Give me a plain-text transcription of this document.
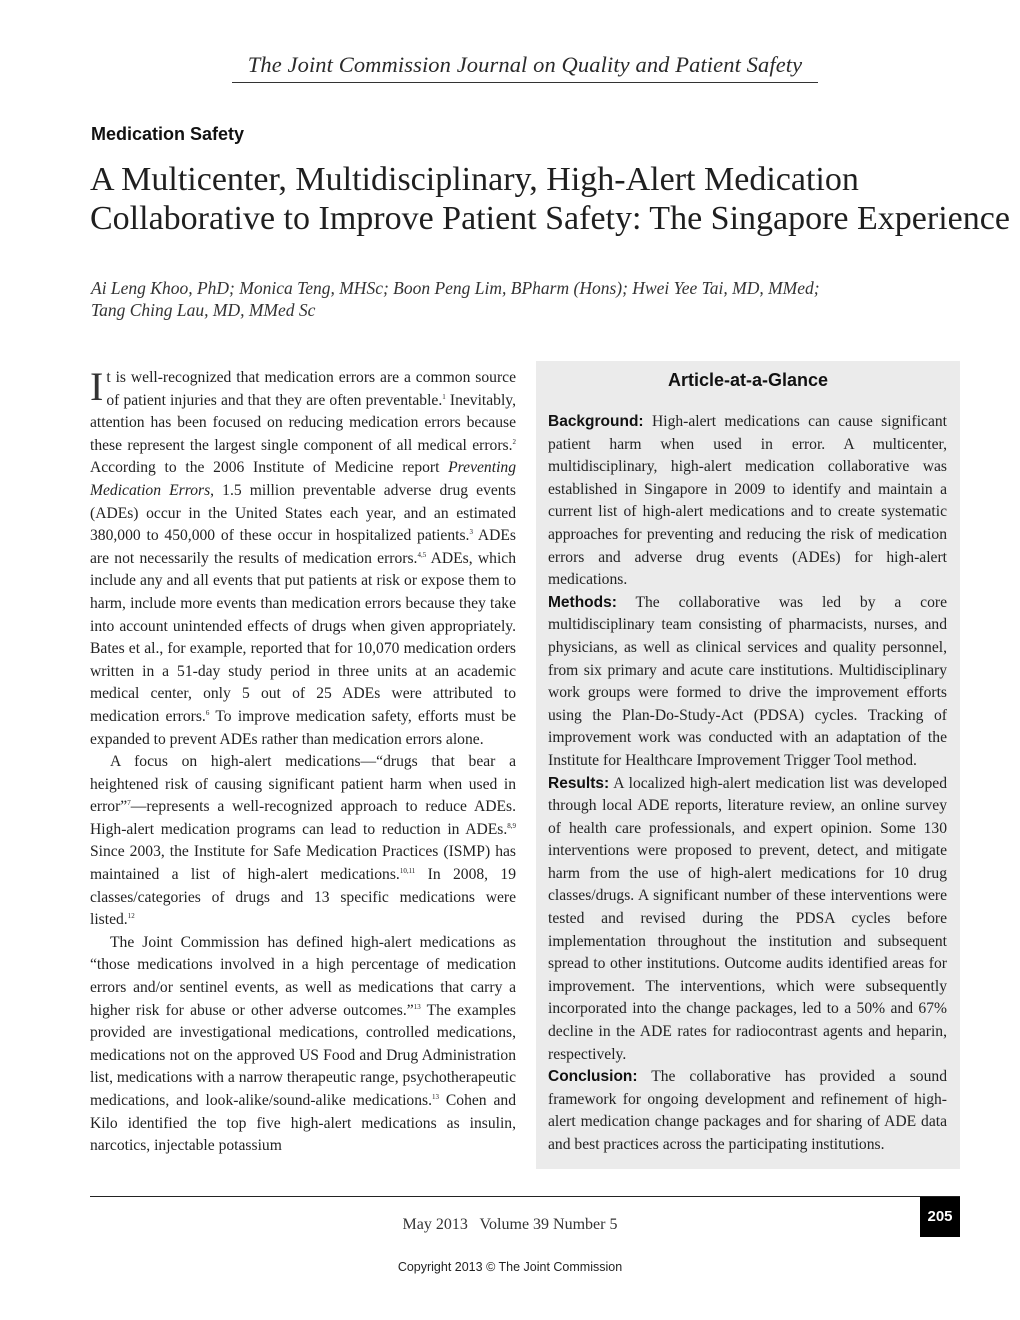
The Joint Commission Journal on Quality and Patient Safety
Medication Safety
A Multicenter, Multidisciplinary, High-Alert Medication
Collaborative to Improve Patient Safety: The Singapore Experience
Ai Leng Khoo, PhD; Monica Teng, MHSc; Boon Peng Lim, BPharm (Hons); Hwei Yee Tai, MD, MMed;
Tang Ching Lau, MD, MMed Sc

It is well-recognized that medication errors are a common source of patient injuries and that they are often preventable.$^1$ Inevitably, attention has been focused on reducing medication errors because these represent the largest single component of all medical errors.$^2$ According to the 2006 Institute of Medicine report Preventing Medication Errors, 1.5 million preventable adverse drug events (ADEs) occur in the United States each year, and an estimated 380,000 to 450,000 of these occur in hospitalized patients.$^3$ ADEs are not necessarily the results of medication errors.$^{4,5}$ ADEs, which include any and all events that put patients at risk or expose them to harm, include more events than medication errors because they take into account unintended effects of drugs when given appropriately. Bates et al., for example, reported that for 10,070 medication orders written in a 51-day study period in three units at an academic medical center, only 5 out of 25 ADEs were attributed to medication errors.$^6$ To improve medication safety, efforts must be expanded to prevent ADEs rather than medication errors alone.

A focus on high-alert medications—“drugs that bear a heightened risk of causing significant patient harm when used in error”$^7$—represents a well-recognized approach to reduce ADEs. High-alert medication programs can lead to reduction in ADEs.$^{8,9}$ Since 2003, the Institute for Safe Medication Practices (ISMP) has maintained a list of high-alert medications.$^{10,11}$ In 2008, 19 classes/categories of drugs and 13 specific medications were listed.$^{12}$

The Joint Commission has defined high-alert medications as “those medications involved in a high percentage of medication errors and/or sentinel events, as well as medications that carry a higher risk for abuse or other adverse outcomes.”$^{13}$ The examples provided are investigational medications, controlled medications, medications not on the approved US Food and Drug Administration list, medications with a narrow therapeutic range, psychotherapeutic medications, and look-alike/sound-alike medications.$^{13}$ Cohen and Kilo identified the top five high-alert medications as insulin, narcotics, injectable potassium

Article-at-a-Glance

Background: High-alert medications can cause significant patient harm when used in error. A multicenter, multidisciplinary, high-alert medication collaborative was established in Singapore in 2009 to identify and maintain a current list of high-alert medications and to create systematic approaches for preventing and reducing the risk of medication errors and adverse drug events (ADEs) for high-alert medications.

Methods: The collaborative was led by a core multidisciplinary team consisting of pharmacists, nurses, and physicians, as well as clinical services and quality personnel, from six primary and acute care institutions. Multidisciplinary work groups were formed to drive the improvement efforts using the Plan-Do-Study-Act (PDSA) cycles. Tracking of improvement work was conducted with an adaptation of the Institute for Healthcare Improvement Trigger Tool method.

Results: A localized high-alert medication list was developed through local ADE reports, literature review, an online survey of health care professionals, and expert opinion. Some 130 interventions were proposed to prevent, detect, and mitigate harm from the use of high-alert medications for 10 drug classes/drugs. A significant number of these interventions were tested and revised during the PDSA cycles before implementation throughout the institution and subsequent spread to other institutions. Outcome audits identified areas for improvement. The interventions, which were subsequently incorporated into the change packages, led to a 50% and 67% decline in the ADE rates for radiocontrast agents and heparin, respectively.

Conclusion: The collaborative has provided a sound framework for ongoing development and refinement of high-alert medication change packages and for sharing of ADE data and best practices across the participating institutions.

205
May 2013   Volume 39 Number 5
Copyright 2013 © The Joint Commission
